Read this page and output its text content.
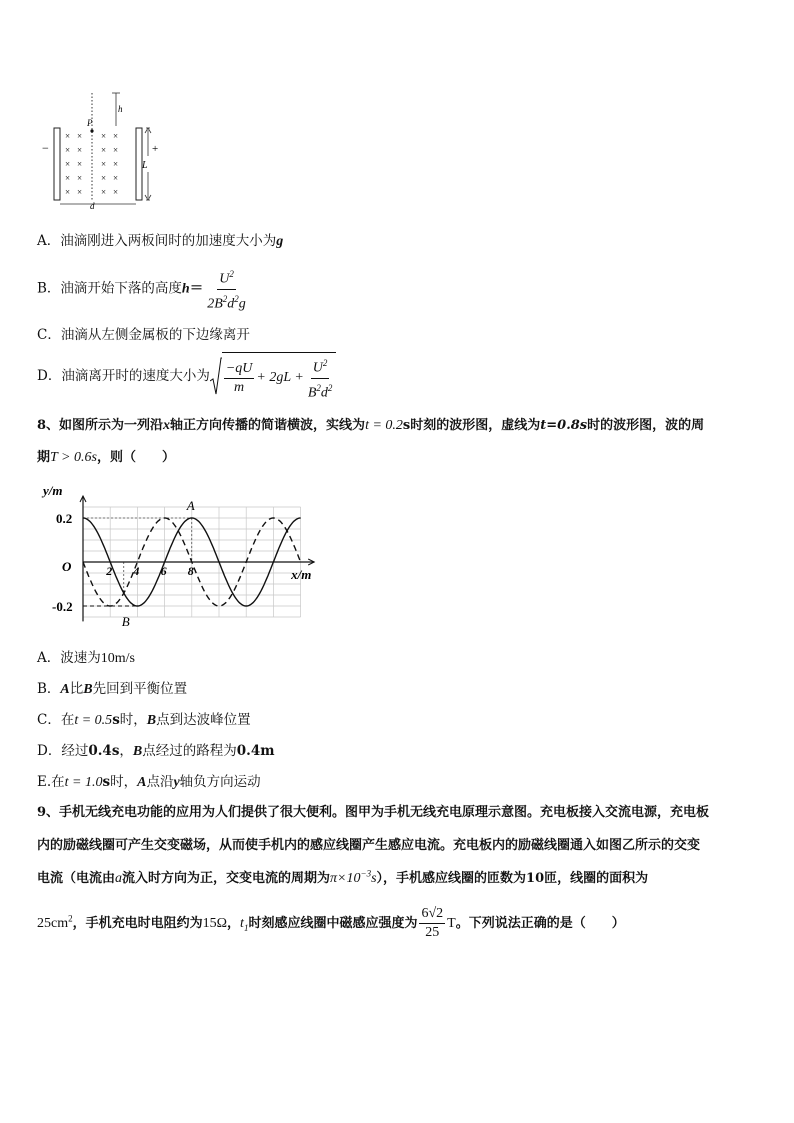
× × × ×
× × × ×
× × × ×
× × × ×
× × × ×
−	+
P
h
L
d
A．油滴刚进入两板间时的加速度大小为g
B．油滴开始下落的高度$h= \frac{U^2}{2B^2d^2g}$
C．油滴从左侧金属板的下边缘离开
D．油滴离开时的速度大小为 $\frac{-qU}{m} + 2gL + \frac{U^2}{B^2d^2}$
8、如图所示为一列沿x轴正方向传播的简谐横波，实线为t = 0.2s时刻的波形图，虚线为t=0.8s时的波形图，波的周
期T > 0.6s，则（　　）
y/m
x/m
0.2
-0.2
O	2 4 6 8
A
B
A．波速为10m/s
B．A比B先回到平衡位置
C．在t = 0.5s时，B点到达波峰位置
D．经过0.4s，B点经过的路程为0.4m
E.在t = 1.0s时，A点沿y轴负方向运动
9、手机无线充电功能的应用为人们提供了很大便利。图甲为手机无线充电原理示意图。充电板接入交流电源，充电板
内的励磁线圈可产生交变磁场，从而使手机内的感应线圈产生感应电流。充电板内的励磁线圈通入如图乙所示的交变
电流（电流由a流入时方向为正，交变电流的周期为$\pi\times 10^{-3}s$），手机感应线圈的匝数为10匝，线圈的面积为
$25cm^2$，手机充电时电阻约为15Ω，$t_1$时刻感应线圈中磁感应强度为 $\frac{6√2}{25}$ T。下列说法正确的是（　　）
